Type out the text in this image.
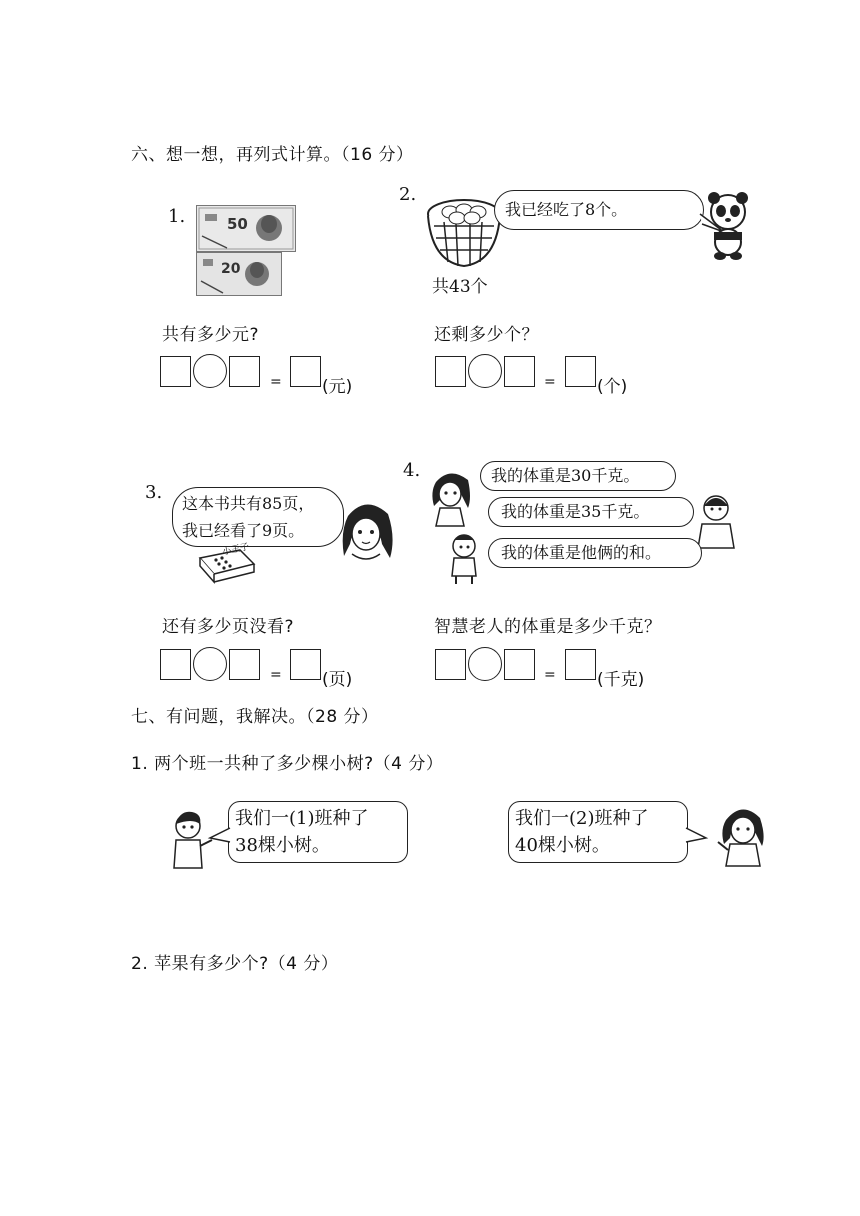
六、想一想，再列式计算。（16 分）
1.	50
20
共有多少元?
= (元)
2.
共43个
我已经吃了8个。
还剩多少个？
= (个)
3.
这本书共有85页，
我已经看了9页。
小王子
还有多少页没看?
= (页)
4.	我的体重是30千克。
我的体重是35千克。
我的体重是他俩的和。
智慧老人的体重是多少千克？
= (千克)
七、有问题，我解决。（28 分）
1. 两个班一共种了多少棵小树?（4 分）
我们一(1)班种了
38棵小树。
我们一(2)班种了
40棵小树。
2. 苹果有多少个?（4 分）
